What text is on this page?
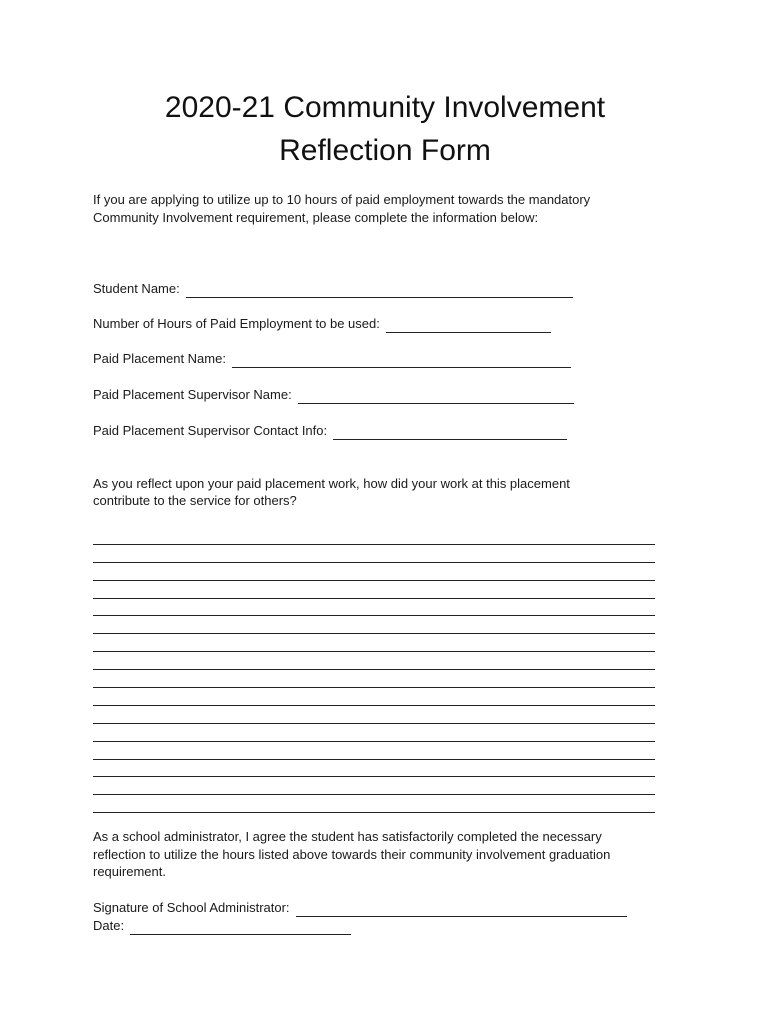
2020-21 Community Involvement
Reflection Form

If you are applying to utilize up to 10 hours of paid employment towards the mandatory

Community Involvement requirement, please complete the information below:

Student Name:
Number of Hours of Paid Employment to be used:
Paid Placement Name:
Paid Placement Supervisor Name:
Paid Placement Supervisor Contact Info:

As you reflect upon your paid placement work, how did your work at this placement

contribute to the service for others?

As a school administrator, I agree the student has satisfactorily completed the necessary

reflection to utilize the hours listed above towards their community involvement graduation

requirement.

Signature of School Administrator:
Date:
